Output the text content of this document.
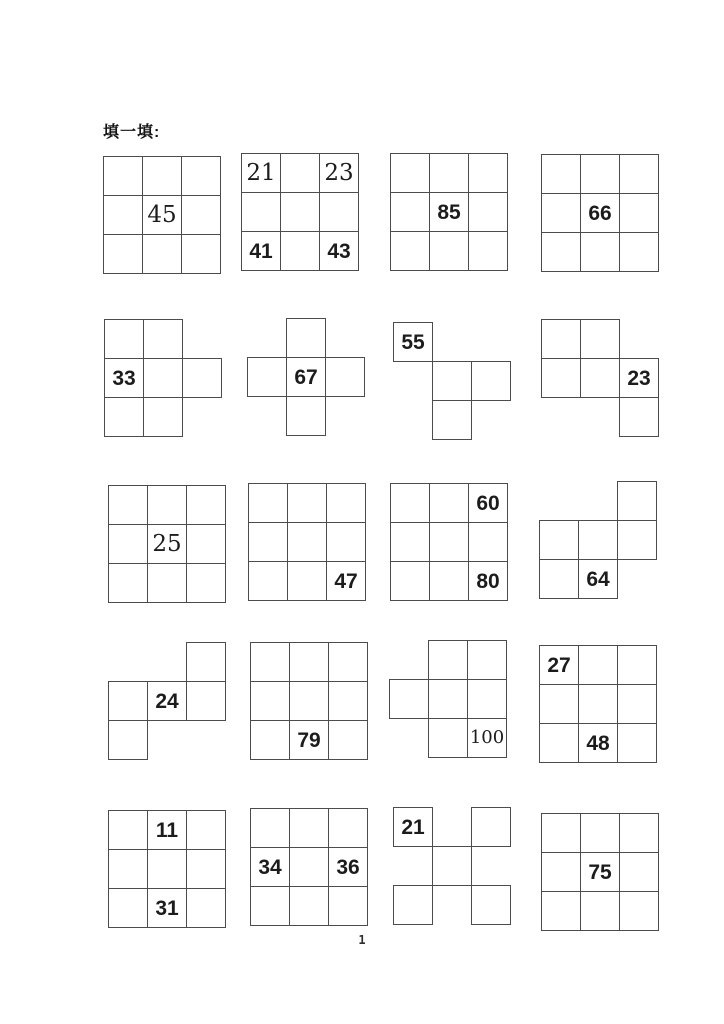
填一填:
45
21 23
41	43
85	66
33	67
55
23
25
47
60
80	64
24
79	100
27
48
11
31
34	36
21
75
1
